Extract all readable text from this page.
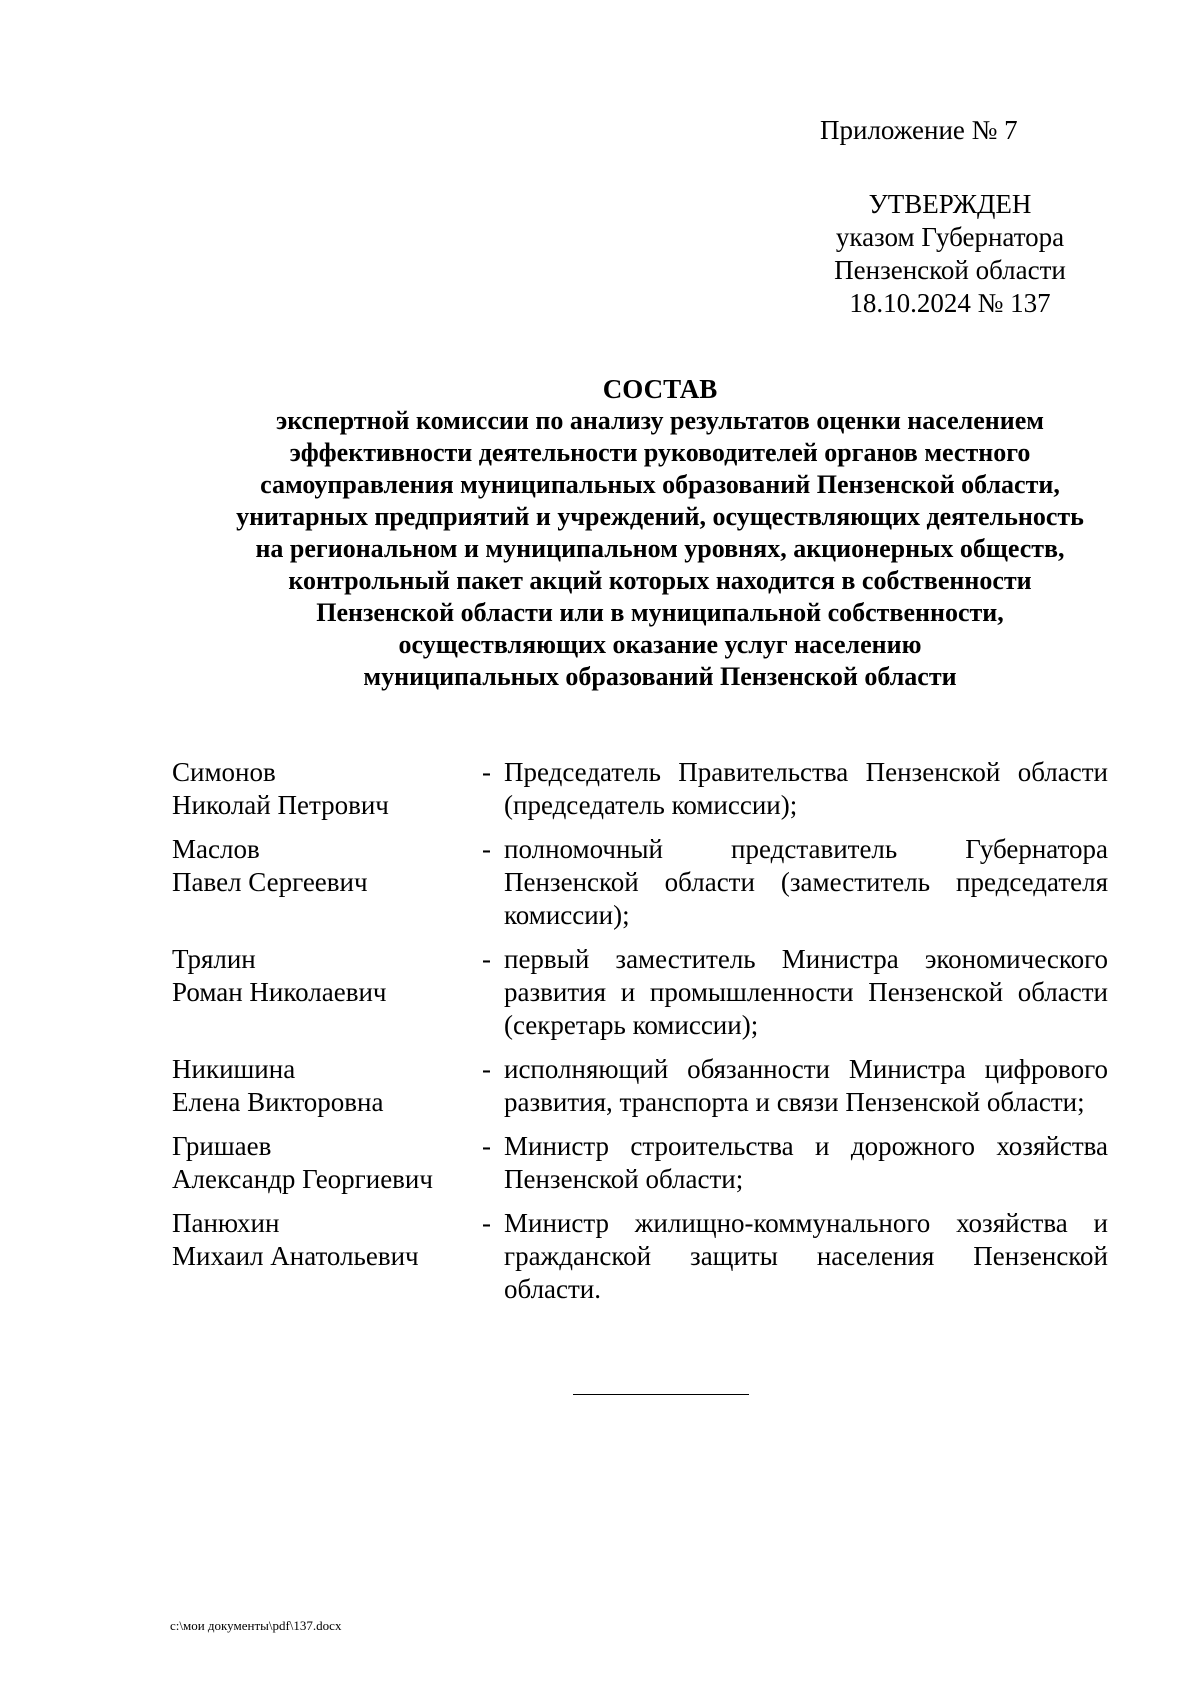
Приложение № 7
УТВЕРЖДЕН
указом Губернатора
Пензенской области
18.10.2024 № 137
СОСТАВ
экспертной комиссии по анализу результатов оценки населением
эффективности деятельности руководителей органов местного
самоуправления муниципальных образований Пензенской области,
унитарных предприятий и учреждений, осуществляющих деятельность
на региональном и муниципальном уровнях, акционерных обществ,
контрольный пакет акций которых находится в собственности
Пензенской области или в муниципальной собственности,
осуществляющих оказание услуг населению
муниципальных образований Пензенской области
Симонов
Николай Петрович
- Председатель Правительства Пензенской области (председатель комиссии);
Маслов
Павел Сергеевич
- полномочный представитель Губернатора Пензенской области (заместитель председателя комиссии);
Трялин
Роман Николаевич
- первый заместитель Министра экономического развития и промышленности Пензенской области (секретарь комиссии);
Никишина
Елена Викторовна
- исполняющий обязанности Министра цифрового развития, транспорта и связи Пензенской области;
Гришаев
Александр Георгиевич
- Министр строительства и дорожного хозяйства Пензенской области;
Панюхин
Михаил Анатольевич
- Министр жилищно-коммунального хозяйства и гражданской защиты населения Пензенской области.
c:\мои документы\pdf\137.docx
